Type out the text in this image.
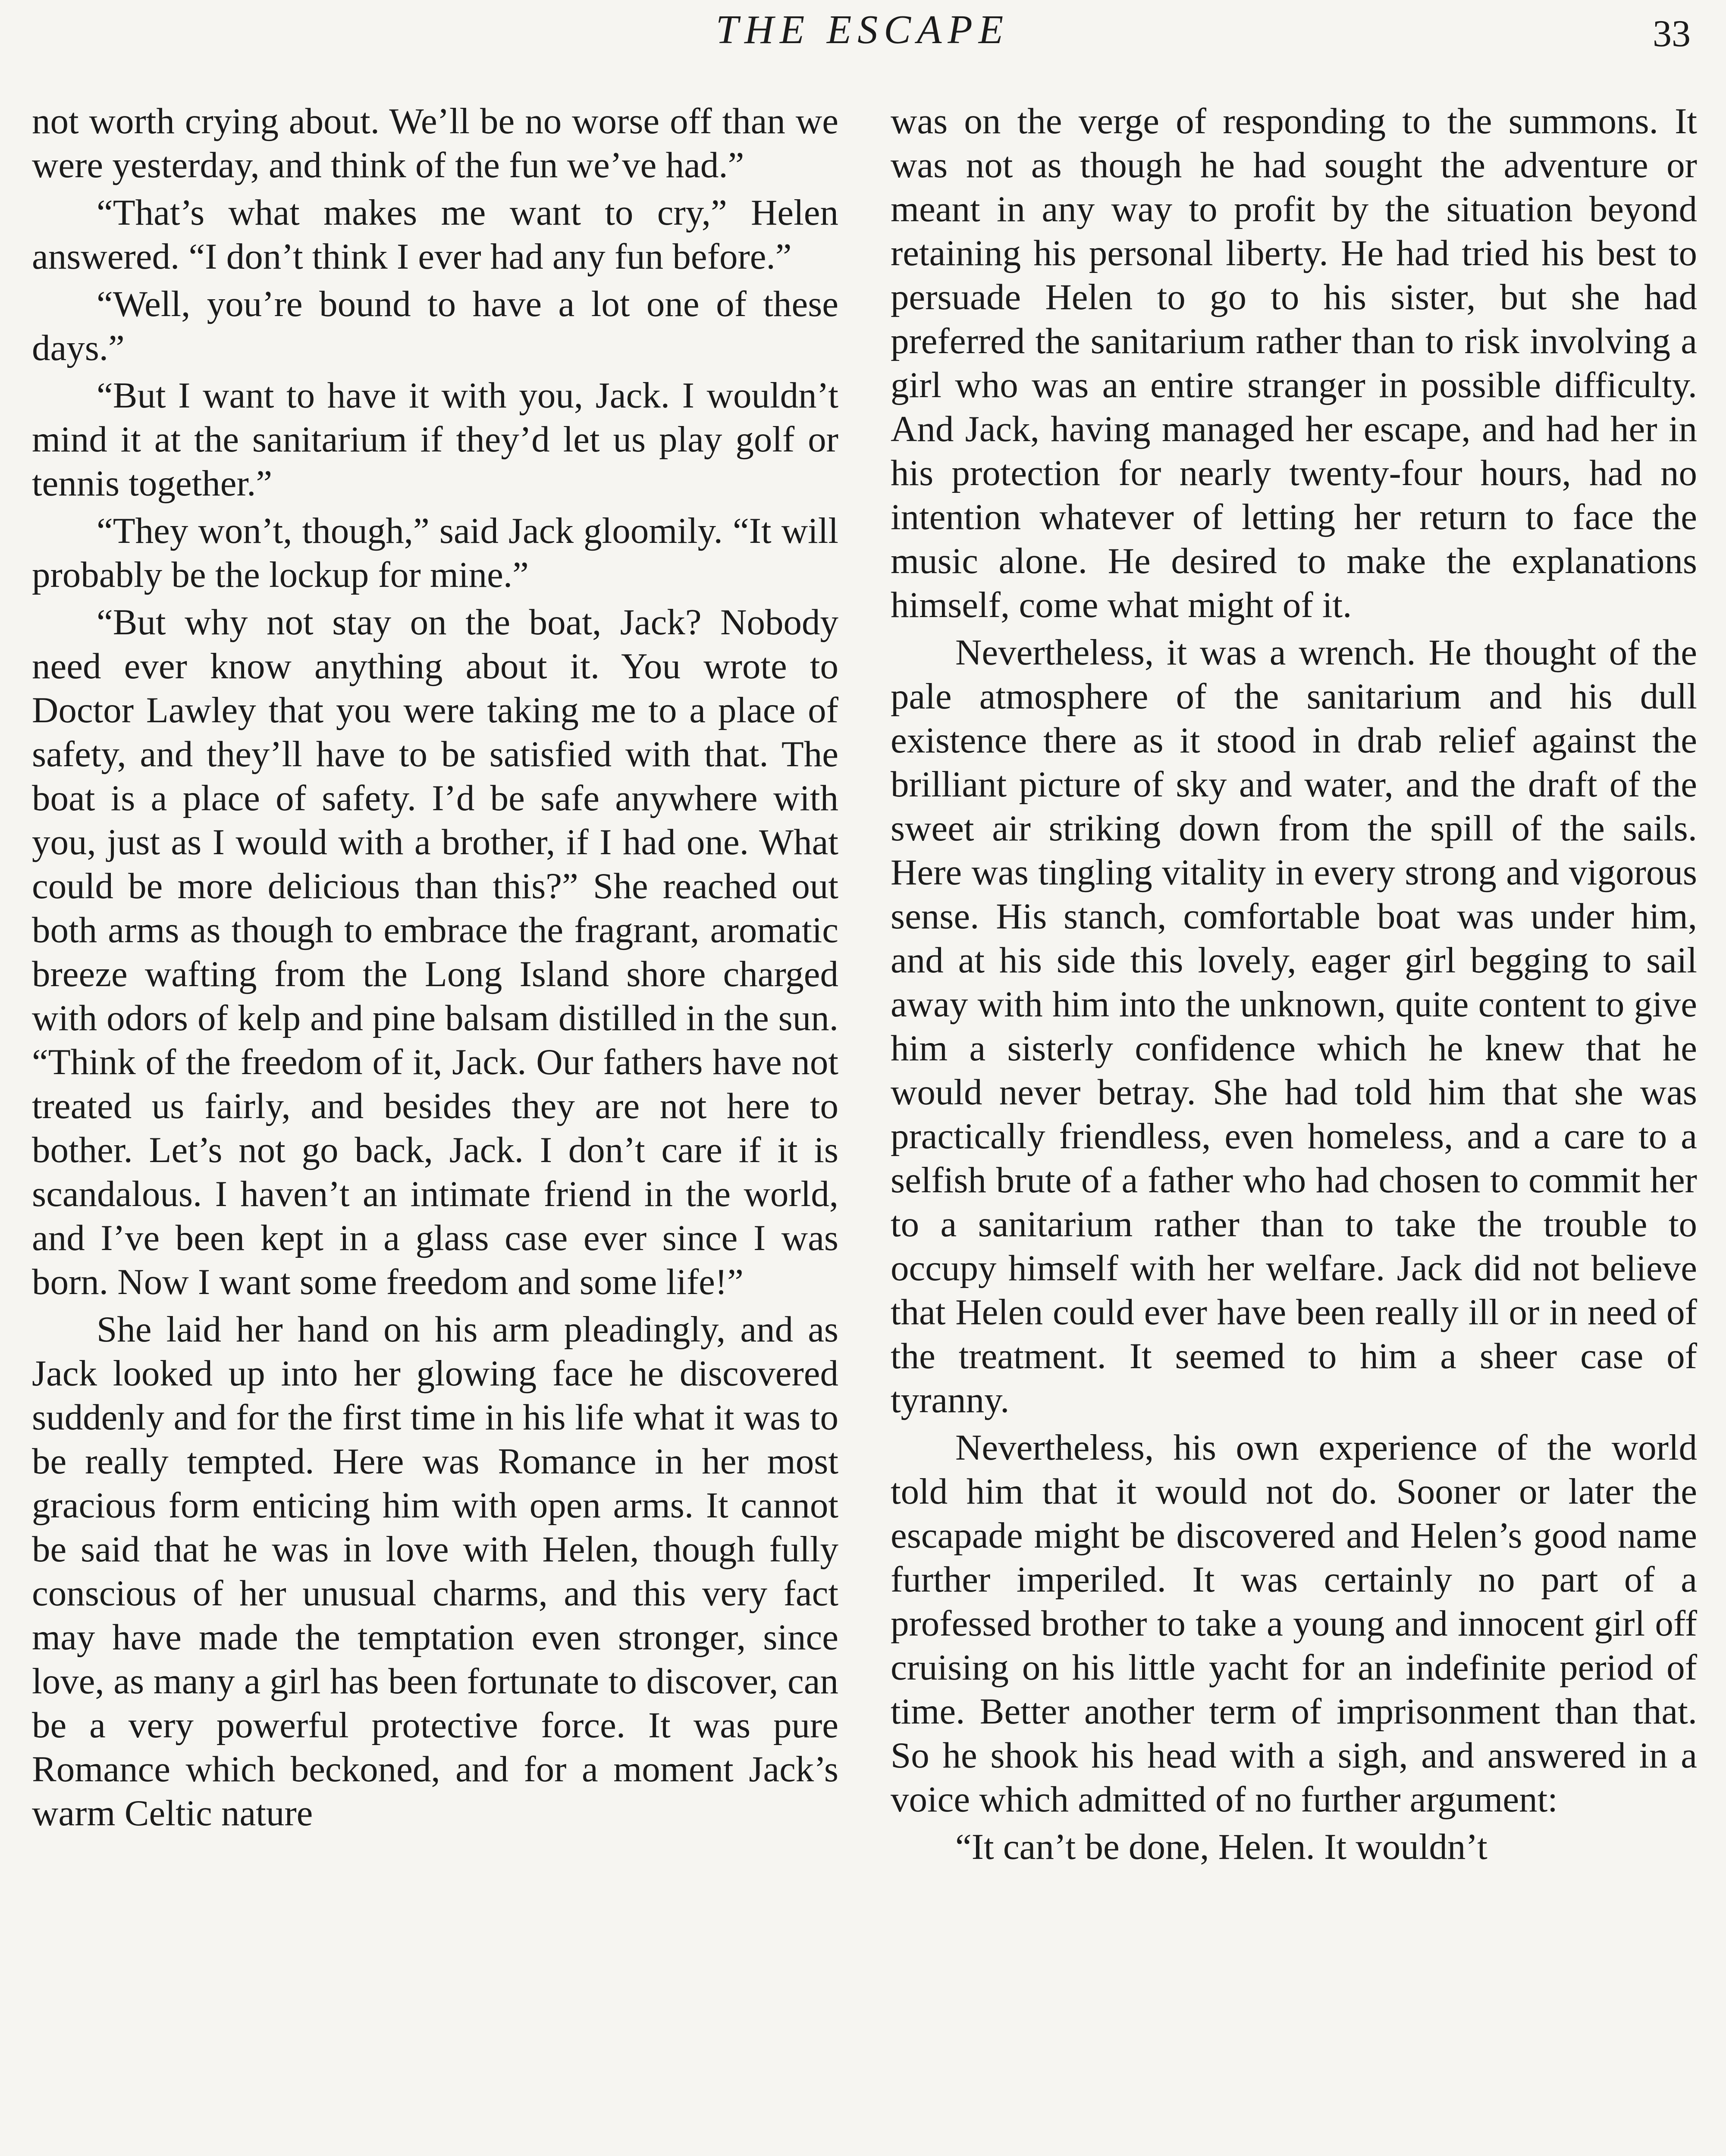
THE ESCAPE	33

not worth crying about. We’ll be no worse off than we were yesterday, and think of the fun we’ve had.”

“That’s what makes me want to cry,” Helen answered. “I don’t think I ever had any fun before.”

“Well, you’re bound to have a lot one of these days.”

“But I want to have it with you, Jack. I wouldn’t mind it at the sanitarium if they’d let us play golf or tennis together.”

“They won’t, though,” said Jack gloomily. “It will probably be the lockup for mine.”

“But why not stay on the boat, Jack? Nobody need ever know anything about it. You wrote to Doctor Lawley that you were taking me to a place of safety, and they’ll have to be satisfied with that. The boat is a place of safety. I’d be safe anywhere with you, just as I would with a brother, if I had one. What could be more delicious than this?” She reached out both arms as though to embrace the fragrant, aromatic breeze wafting from the Long Island shore charged with odors of kelp and pine balsam distilled in the sun. “Think of the freedom of it, Jack. Our fathers have not treated us fairly, and besides they are not here to bother. Let’s not go back, Jack. I don’t care if it is scandalous. I haven’t an intimate friend in the world, and I’ve been kept in a glass case ever since I was born. Now I want some freedom and some life!”

She laid her hand on his arm pleadingly, and as Jack looked up into her glowing face he discovered suddenly and for the first time in his life what it was to be really tempted. Here was Romance in her most gracious form enticing him with open arms. It cannot be said that he was in love with Helen, though fully conscious of her unusual charms, and this very fact may have made the temptation even stronger, since love, as many a girl has been fortunate to discover, can be a very powerful protective force. It was pure Romance which beckoned, and for a moment Jack’s warm Celtic nature

was on the verge of responding to the summons. It was not as though he had sought the adventure or meant in any way to profit by the situation beyond retaining his personal liberty. He had tried his best to persuade Helen to go to his sister, but she had preferred the sanitarium rather than to risk involving a girl who was an entire stranger in possible difficulty. And Jack, having managed her escape, and had her in his protection for nearly twenty-four hours, had no intention whatever of letting her return to face the music alone. He desired to make the explanations himself, come what might of it.

Nevertheless, it was a wrench. He thought of the pale atmosphere of the sanitarium and his dull existence there as it stood in drab relief against the brilliant picture of sky and water, and the draft of the sweet air striking down from the spill of the sails. Here was tingling vitality in every strong and vigorous sense. His stanch, comfortable boat was under him, and at his side this lovely, eager girl begging to sail away with him into the unknown, quite content to give him a sisterly confidence which he knew that he would never betray. She had told him that she was practically friendless, even homeless, and a care to a selfish brute of a father who had chosen to commit her to a sanitarium rather than to take the trouble to occupy himself with her welfare. Jack did not believe that Helen could ever have been really ill or in need of the treatment. It seemed to him a sheer case of tyranny.

Nevertheless, his own experience of the world told him that it would not do. Sooner or later the escapade might be discovered and Helen’s good name further imperiled. It was certainly no part of a professed brother to take a young and innocent girl off cruising on his little yacht for an indefinite period of time. Better another term of imprisonment than that. So he shook his head with a sigh, and answered in a voice which admitted of no further argument:

“It can’t be done, Helen. It wouldn’t
